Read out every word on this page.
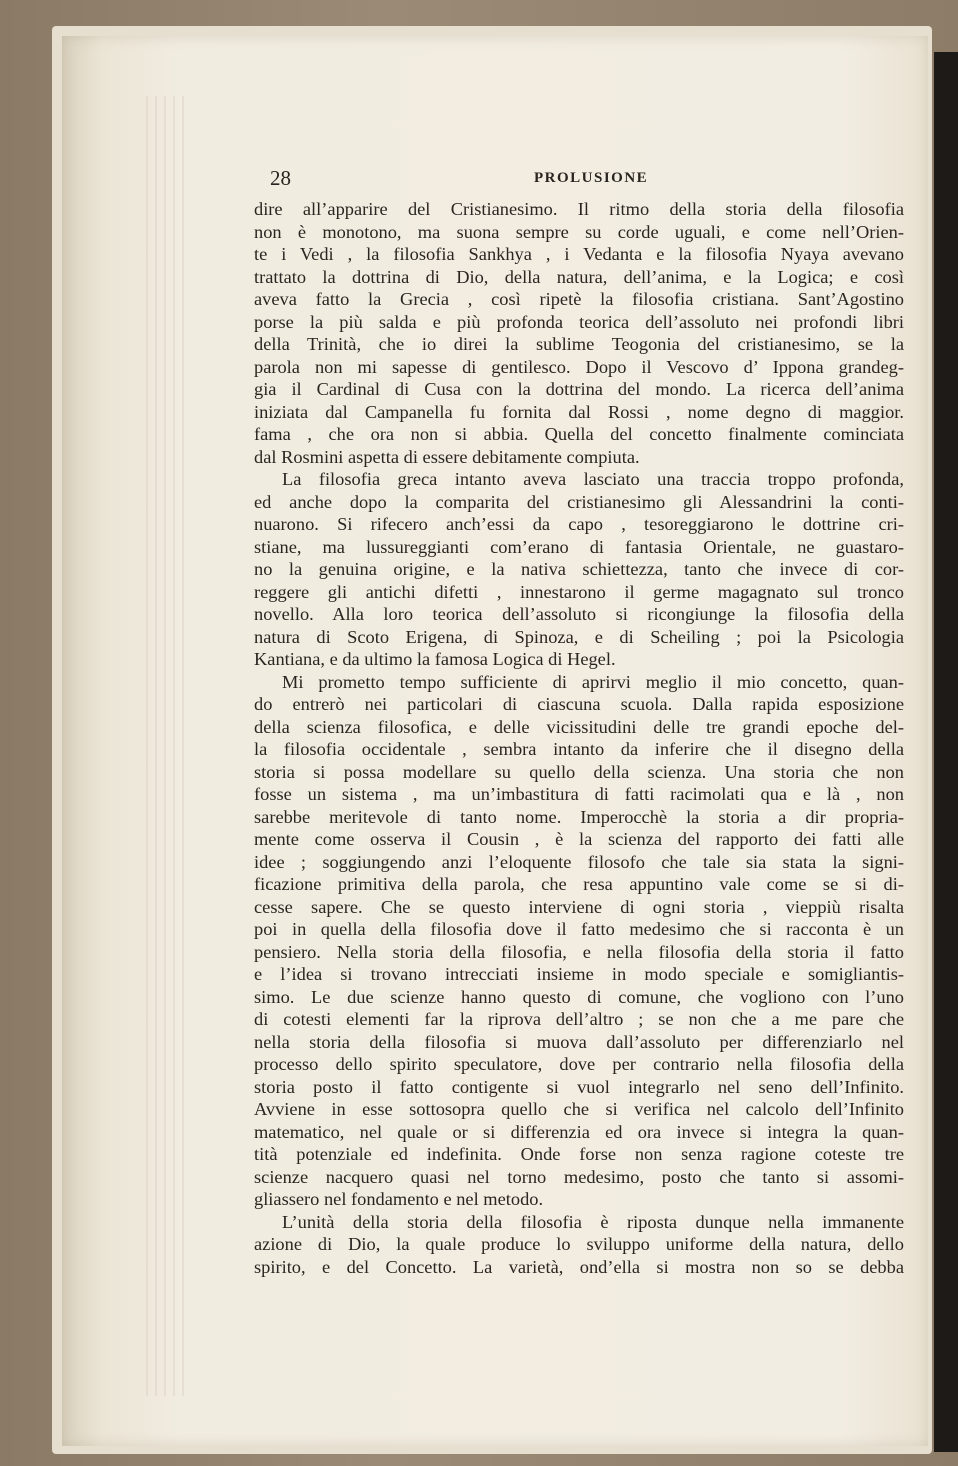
28	PROLUSIONE
dire all’apparire del Cristianesimo. Il ritmo della storia della filosofia
non è monotono, ma suona sempre su corde uguali, e come nell’Orien-
te i Vedi , la filosofia Sankhya , i Vedanta e la filosofia Nyaya avevano
trattato la dottrina di Dio, della natura, dell’anima, e la Logica; e così
aveva fatto la Grecia , così ripetè la filosofia cristiana. Sant’Agostino
porse la più salda e più profonda teorica dell’assoluto nei profondi libri
della Trinità, che io direi la sublime Teogonia del cristianesimo, se la
parola non mi sapesse di gentilesco. Dopo il Vescovo d’ Ippona grandeg-
gia il Cardinal di Cusa con la dottrina del mondo. La ricerca dell’anima
iniziata dal Campanella fu fornita dal Rossi , nome degno di maggior.
fama , che ora non si abbia. Quella del concetto finalmente cominciata
dal Rosmini aspetta di essere debitamente compiuta.
La filosofia greca intanto aveva lasciato una traccia troppo profonda,
ed anche dopo la comparita del cristianesimo gli Alessandrini la conti-
nuarono. Si rifecero anch’essi da capo , tesoreggiarono le dottrine cri-
stiane, ma lussureggianti com’erano di fantasia Orientale, ne guastaro-
no la genuina origine, e la nativa schiettezza, tanto che invece di cor-
reggere gli antichi difetti , innestarono il germe magagnato sul tronco
novello. Alla loro teorica dell’assoluto si ricongiunge la filosofia della
natura di Scoto Erigena, di Spinoza, e di Scheiling ; poi la Psicologia
Kantiana, e da ultimo la famosa Logica di Hegel.
Mi prometto tempo sufficiente di aprirvi meglio il mio concetto, quan-
do entrerò nei particolari di ciascuna scuola. Dalla rapida esposizione
della scienza filosofica, e delle vicissitudini delle tre grandi epoche del-
la filosofia occidentale , sembra intanto da inferire che il disegno della
storia si possa modellare su quello della scienza. Una storia che non
fosse un sistema , ma un’imbastitura di fatti racimolati qua e là , non
sarebbe meritevole di tanto nome. Imperocchè la storia a dir propria-
mente come osserva il Cousin , è la scienza del rapporto dei fatti alle
idee ; soggiungendo anzi l’eloquente filosofo che tale sia stata la signi-
ficazione primitiva della parola, che resa appuntino vale come se si di-
cesse sapere. Che se questo interviene di ogni storia , vieppiù risalta
poi in quella della filosofia dove il fatto medesimo che si racconta è un
pensiero. Nella storia della filosofia, e nella filosofia della storia il fatto
e l’idea si trovano intrecciati insieme in modo speciale e somigliantis-
simo. Le due scienze hanno questo di comune, che vogliono con l’uno
di cotesti elementi far la riprova dell’altro ; se non che a me pare che
nella storia della filosofia si muova dall’assoluto per differenziarlo nel
processo dello spirito speculatore, dove per contrario nella filosofia della
storia posto il fatto contigente si vuol integrarlo nel seno dell’Infinito.
Avviene in esse sottosopra quello che si verifica nel calcolo dell’Infinito
matematico, nel quale or si differenzia ed ora invece si integra la quan-
tità potenziale ed indefinita. Onde forse non senza ragione coteste tre
scienze nacquero quasi nel torno medesimo, posto che tanto si assomi-
gliassero nel fondamento e nel metodo.
L’unità della storia della filosofia è riposta dunque nella immanente
azione di Dio, la quale produce lo sviluppo uniforme della natura, dello
spirito, e del Concetto. La varietà, ond’ella si mostra non so se debba
